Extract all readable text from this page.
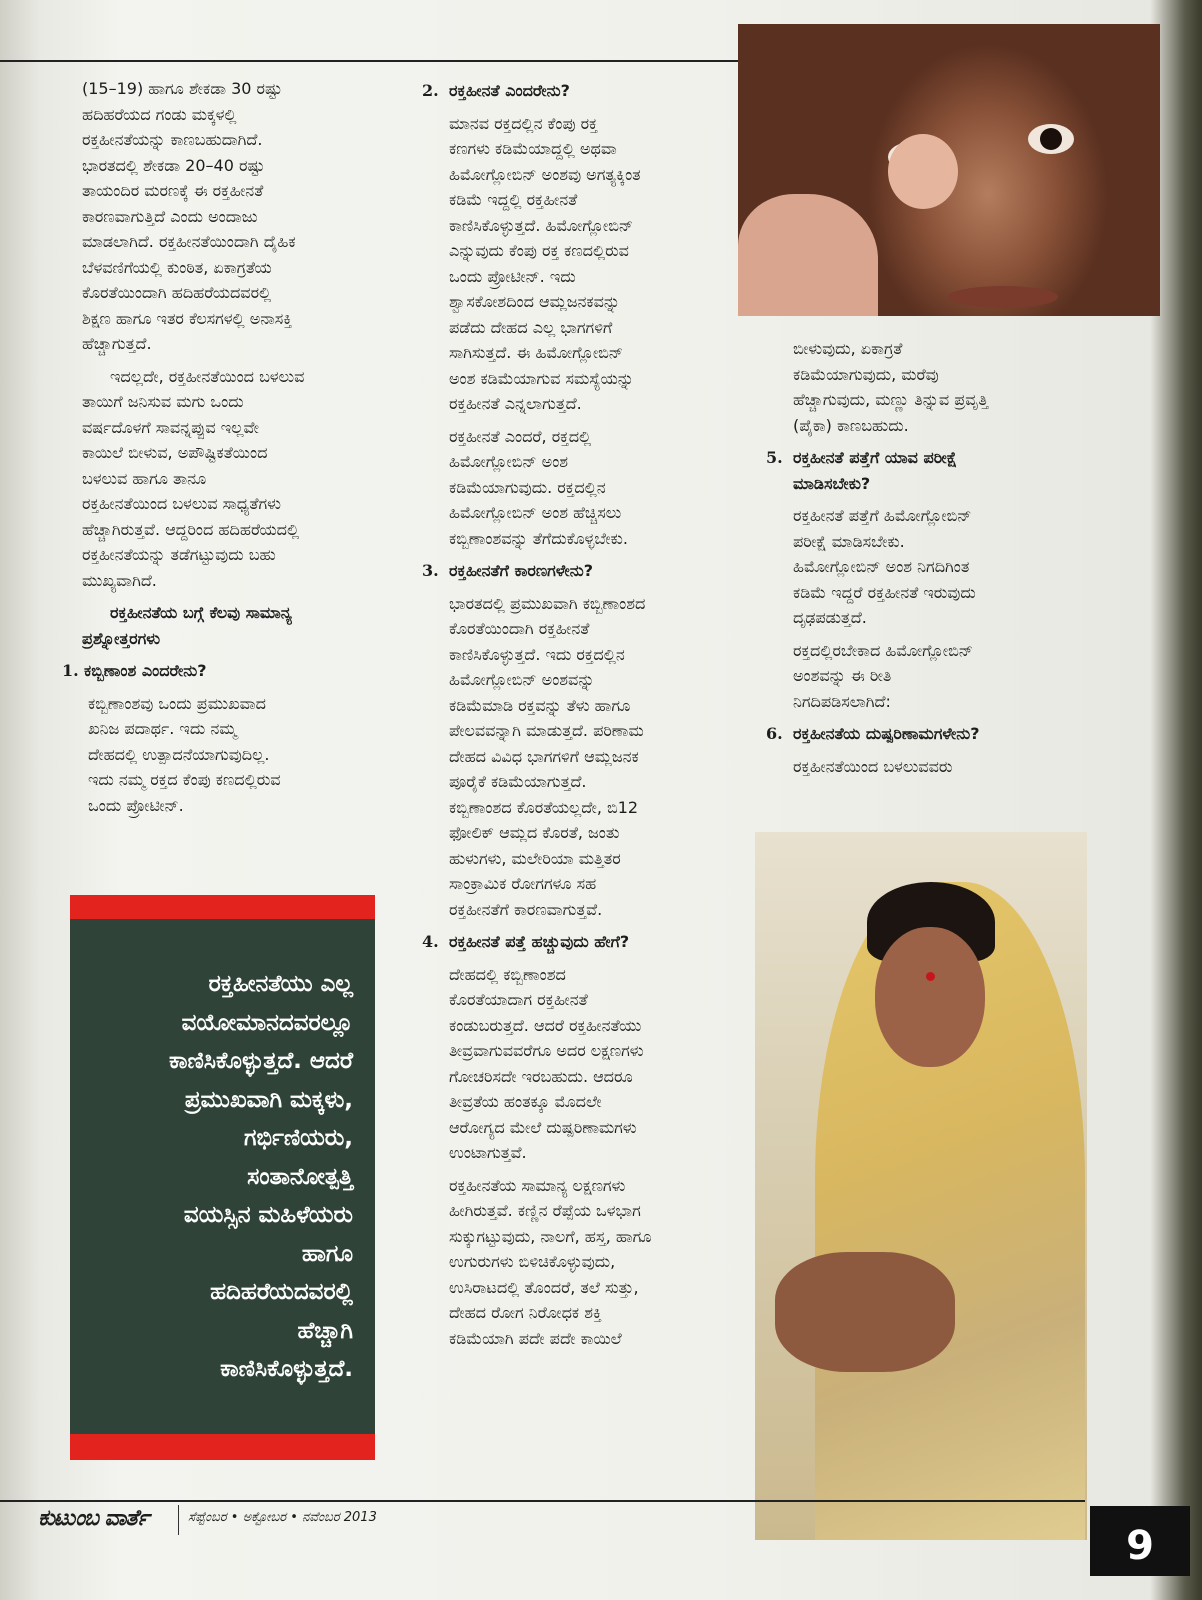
(15–19) ಹಾಗೂ ಶೇಕಡಾ 30 ರಷ್ಟು
ಹದಿಹರೆಯದ ಗಂಡು ಮಕ್ಕಳಲ್ಲಿ
ರಕ್ತಹೀನತೆಯನ್ನು ಕಾಣಬಹುದಾಗಿದೆ.
ಭಾರತದಲ್ಲಿ ಶೇಕಡಾ 20–40 ರಷ್ಟು
ತಾಯಂದಿರ ಮರಣಕ್ಕೆ ಈ ರಕ್ತಹೀನತೆ
ಕಾರಣವಾಗುತ್ತಿದೆ ಎಂದು ಅಂದಾಜು
ಮಾಡಲಾಗಿದೆ. ರಕ್ತಹೀನತೆಯಿಂದಾಗಿ ದೈಹಿಕ
ಬೆಳವಣಿಗೆಯಲ್ಲಿ ಕುಂಠಿತ, ಏಕಾಗ್ರತೆಯ
ಕೊರತೆಯಿಂದಾಗಿ ಹದಿಹರೆಯದವರಲ್ಲಿ
ಶಿಕ್ಷಣ ಹಾಗೂ ಇತರ ಕೆಲಸಗಳಲ್ಲಿ ಅನಾಸಕ್ತಿ
ಹೆಚ್ಚಾಗುತ್ತದೆ.
ಇದಲ್ಲದೇ, ರಕ್ತಹೀನತೆಯಿಂದ ಬಳಲುವ
ತಾಯಿಗೆ ಜನಿಸುವ ಮಗು ಒಂದು
ವರ್ಷದೊಳಗೆ ಸಾವನ್ನಪ್ಪುವ ಇಲ್ಲವೇ
ಕಾಯಿಲೆ ಬೀಳುವ, ಅಪೌಷ್ಟಿಕತೆಯಿಂದ
ಬಳಲುವ ಹಾಗೂ ತಾನೂ
ರಕ್ತಹೀನತೆಯಿಂದ ಬಳಲುವ ಸಾಧ್ಯತೆಗಳು
ಹೆಚ್ಚಾಗಿರುತ್ತವೆ. ಆದ್ದರಿಂದ ಹದಿಹರೆಯದಲ್ಲಿ
ರಕ್ತಹೀನತೆಯನ್ನು ತಡೆಗಟ್ಟುವುದು ಬಹು
ಮುಖ್ಯವಾಗಿದೆ.
ರಕ್ತಹೀನತೆಯ ಬಗ್ಗೆ ಕೆಲವು ಸಾಮಾನ್ಯ
ಪ್ರಶ್ನೋತ್ತರಗಳು
1. ಕಬ್ಬಿಣಾಂಶ ಎಂದರೇನು?
ಕಬ್ಬಿಣಾಂಶವು ಒಂದು ಪ್ರಮುಖವಾದ
ಖನಿಜ ಪದಾರ್ಥ. ಇದು ನಮ್ಮ
ದೇಹದಲ್ಲಿ ಉತ್ಪಾದನೆಯಾಗುವುದಿಲ್ಲ.
ಇದು ನಮ್ಮ ರಕ್ತದ ಕೆಂಪು ಕಣದಲ್ಲಿರುವ
ಒಂದು ಪ್ರೋಟೀನ್.
2. ರಕ್ತಹೀನತೆ ಎಂದರೇನು?
ಮಾನವ ರಕ್ತದಲ್ಲಿನ ಕೆಂಪು ರಕ್ತ
ಕಣಗಳು ಕಡಿಮೆಯಾದ್ದಲ್ಲಿ ಅಥವಾ
ಹಿಮೋಗ್ಲೋಬಿನ್ ಅಂಶವು ಅಗತ್ಯಕ್ಕಿಂತ
ಕಡಿಮೆ ಇದ್ದಲ್ಲಿ ರಕ್ತಹೀನತೆ
ಕಾಣಿಸಿಕೊಳ್ಳುತ್ತದೆ. ಹಿಮೋಗ್ಲೋಬಿನ್
ಎನ್ನುವುದು ಕೆಂಪು ರಕ್ತ ಕಣದಲ್ಲಿರುವ
ಒಂದು ಪ್ರೋಟೀನ್. ಇದು
ಶ್ವಾಸಕೋಶದಿಂದ ಆಮ್ಲಜನಕವನ್ನು
ಪಡೆದು ದೇಹದ ಎಲ್ಲ ಭಾಗಗಳಿಗೆ
ಸಾಗಿಸುತ್ತದೆ. ಈ ಹಿಮೋಗ್ಲೋಬಿನ್
ಅಂಶ ಕಡಿಮೆಯಾಗುವ ಸಮಸ್ಯೆಯನ್ನು
ರಕ್ತಹೀನತೆ ಎನ್ನಲಾಗುತ್ತದೆ.
ರಕ್ತಹೀನತೆ ಎಂದರೆ, ರಕ್ತದಲ್ಲಿ
ಹಿಮೋಗ್ಲೋಬಿನ್ ಅಂಶ
ಕಡಿಮೆಯಾಗುವುದು. ರಕ್ತದಲ್ಲಿನ
ಹಿಮೋಗ್ಲೋಬಿನ್ ಅಂಶ ಹೆಚ್ಚಿಸಲು
ಕಬ್ಬಿಣಾಂಶವನ್ನು ತೆಗೆದುಕೊಳ್ಳಬೇಕು.
3. ರಕ್ತಹೀನತೆಗೆ ಕಾರಣಗಳೇನು?
ಭಾರತದಲ್ಲಿ ಪ್ರಮುಖವಾಗಿ ಕಬ್ಬಿಣಾಂಶದ
ಕೊರತೆಯಿಂದಾಗಿ ರಕ್ತಹೀನತೆ
ಕಾಣಿಸಿಕೊಳ್ಳುತ್ತದೆ. ಇದು ರಕ್ತದಲ್ಲಿನ
ಹಿಮೋಗ್ಲೋಬಿನ್ ಅಂಶವನ್ನು
ಕಡಿಮೆಮಾಡಿ ರಕ್ತವನ್ನು ತೆಳು ಹಾಗೂ
ಪೇಲವವನ್ನಾಗಿ ಮಾಡುತ್ತದೆ. ಪರಿಣಾಮ
ದೇಹದ ವಿವಿಧ ಭಾಗಗಳಿಗೆ ಆಮ್ಲಜನಕ
ಪೂರೈಕೆ ಕಡಿಮೆಯಾಗುತ್ತದೆ.
ಕಬ್ಬಿಣಾಂಶದ ಕೊರತೆಯಲ್ಲದೇ, ಬಿ12
ಫೋಲಿಕ್ ಆಮ್ಲದ ಕೊರತೆ, ಜಂತು
ಹುಳುಗಳು, ಮಲೇರಿಯಾ ಮತ್ತಿತರ
ಸಾಂಕ್ರಾಮಿಕ ರೋಗಗಳೂ ಸಹ
ರಕ್ತಹೀನತೆಗೆ ಕಾರಣವಾಗುತ್ತವೆ.
4. ರಕ್ತಹೀನತೆ ಪತ್ತೆ ಹಚ್ಚುವುದು ಹೇಗೆ?
ದೇಹದಲ್ಲಿ ಕಬ್ಬಿಣಾಂಶದ
ಕೊರತೆಯಾದಾಗ ರಕ್ತಹೀನತೆ
ಕಂಡುಬರುತ್ತದೆ. ಆದರೆ ರಕ್ತಹೀನತೆಯು
ತೀವ್ರವಾಗುವವರೆಗೂ ಅದರ ಲಕ್ಷಣಗಳು
ಗೋಚರಿಸದೇ ಇರಬಹುದು. ಆದರೂ
ತೀವ್ರತೆಯ ಹಂತಕ್ಕೂ ಮೊದಲೇ
ಆರೋಗ್ಯದ ಮೇಲೆ ದುಷ್ಪರಿಣಾಮಗಳು
ಉಂಟಾಗುತ್ತವೆ.
ರಕ್ತಹೀನತೆಯ ಸಾಮಾನ್ಯ ಲಕ್ಷಣಗಳು
ಹೀಗಿರುತ್ತವೆ. ಕಣ್ಣಿನ ರೆಪ್ಪೆಯ ಒಳಭಾಗ
ಸುಕ್ಕುಗಟ್ಟುವುದು, ನಾಲಗೆ, ಹಸ್ತ, ಹಾಗೂ
ಉಗುರುಗಳು ಬಿಳಿಚಿಕೊಳ್ಳುವುದು,
ಉಸಿರಾಟದಲ್ಲಿ ತೊಂದರೆ, ತಲೆ ಸುತ್ತು,
ದೇಹದ ರೋಗ ನಿರೋಧಕ ಶಕ್ತಿ
ಕಡಿಮೆಯಾಗಿ ಪದೇ ಪದೇ ಕಾಯಿಲೆ
ಬೀಳುವುದು, ಏಕಾಗ್ರತೆ
ಕಡಿಮೆಯಾಗುವುದು, ಮರೆವು
ಹೆಚ್ಚಾಗುವುದು, ಮಣ್ಣು ತಿನ್ನುವ ಪ್ರವೃತ್ತಿ
(ಪೈಕಾ) ಕಾಣಬಹುದು.
5. ರಕ್ತಹೀನತೆ ಪತ್ತೆಗೆ ಯಾವ ಪರೀಕ್ಷೆ
ಮಾಡಿಸಬೇಕು?
ರಕ್ತಹೀನತೆ ಪತ್ತೆಗೆ ಹಿಮೋಗ್ಲೋಬಿನ್
ಪರೀಕ್ಷೆ ಮಾಡಿಸಬೇಕು.
ಹಿಮೋಗ್ಲೋಬಿನ್ ಅಂಶ ನಿಗದಿಗಿಂತ
ಕಡಿಮೆ ಇದ್ದರೆ ರಕ್ತಹೀನತೆ ಇರುವುದು
ದೃಢಪಡುತ್ತದೆ.
ರಕ್ತದಲ್ಲಿರಬೇಕಾದ ಹಿಮೋಗ್ಲೋಬಿನ್
ಅಂಶವನ್ನು ಈ ರೀತಿ
ನಿಗದಿಪಡಿಸಲಾಗಿದೆ:
6. ರಕ್ತಹೀನತೆಯ ದುಷ್ಪರಿಣಾಮಗಳೇನು?
ರಕ್ತಹೀನತೆಯಿಂದ ಬಳಲುವವರು
ರಕ್ತಹೀನತೆಯು ಎಲ್ಲ
ವಯೋಮಾನದವರಲ್ಲೂ
ಕಾಣಿಸಿಕೊಳ್ಳುತ್ತದೆ. ಆದರೆ
ಪ್ರಮುಖವಾಗಿ ಮಕ್ಕಳು,
ಗರ್ಭಿಣಿಯರು,
ಸಂತಾನೋತ್ಪತ್ತಿ
ವಯಸ್ಸಿನ ಮಹಿಳೆಯರು
ಹಾಗೂ
ಹದಿಹರೆಯದವರಲ್ಲಿ
ಹೆಚ್ಚಾಗಿ
ಕಾಣಿಸಿಕೊಳ್ಳುತ್ತದೆ.
ಕುಟುಂಬ ವಾರ್ತೆ	ಸೆಪ್ಟೆಂಬರ • ಅಕ್ಟೋಬರ • ನವೆಂಬರ 2013
9
